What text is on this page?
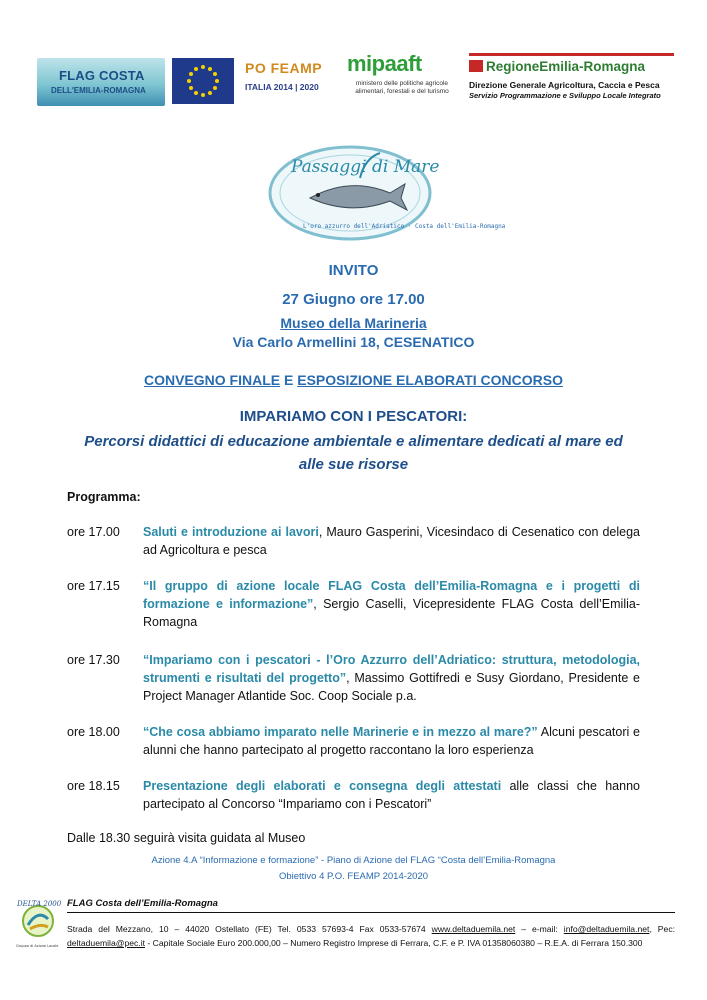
FLAG COSTA
DELL'EMILIA-ROMAGNA
PO FEAMP
ITALIA 2014 | 2020
mipaaft
ministero delle politiche agricole alimentari, forestali e del turismo
RegioneEmilia-Romagna
Direzione Generale Agricoltura, Caccia e Pesca
Servizio Programmazione e Sviluppo Locale Integrato
Passaggi di Mare
L'oro azzurro dell'Adriatico · Costa dell'Emilia-Romagna
INVITO
27 Giugno ore 17.00
Museo della Marineria
Via Carlo Armellini 18, CESENATICO
CONVEGNO FINALE E ESPOSIZIONE ELABORATI CONCORSO
IMPARIAMO CON I PESCATORI:
Percorsi didattici di educazione ambientale e alimentare dedicati al mare ed alle sue risorse
Programma:
ore 17.00	Saluti e introduzione ai lavori, Mauro Gasperini, Vicesindaco di Cesenatico con delega ad Agricoltura e pesca
ore 17.15	“Il gruppo di azione locale FLAG Costa dell’Emilia-Romagna e i progetti di formazione e informazione”, Sergio Caselli, Vicepresidente FLAG Costa dell’Emilia-Romagna
ore 17.30	“Impariamo con i pescatori - l’Oro Azzurro dell’Adriatico: struttura, metodologia, strumenti e risultati del progetto”, Massimo Gottifredi e Susy Giordano, Presidente e Project Manager Atlantide Soc. Coop Sociale p.a.
ore 18.00	“Che cosa abbiamo imparato nelle Marinerie e in mezzo al mare?” Alcuni pescatori e alunni che hanno partecipato al progetto raccontano la loro esperienza
ore 18.15	Presentazione degli elaborati e consegna degli attestati alle classi che hanno partecipato al Concorso “Impariamo con i Pescatori”
Dalle 18.30 seguirà visita guidata al Museo
Azione 4.A “Informazione e formazione” - Piano di Azione del FLAG “Costa dell’Emilia-Romagna
Obiettivo 4 P.O. FEAMP 2014-2020
DELTA 2000
Gruppo di Azione Locale
FLAG Costa dell’Emilia-Romagna
Strada del Mezzano, 10 – 44020 Ostellato (FE) Tel. 0533 57693-4 Fax 0533-57674 www.deltaduemila.net – e-mail: info@deltaduemila.net, Pec: deltaduemila@pec.it - Capitale Sociale Euro 200.000,00 – Numero Registro Imprese di Ferrara, C.F. e P. IVA 01358060380 – R.E.A. di Ferrara 150.300
